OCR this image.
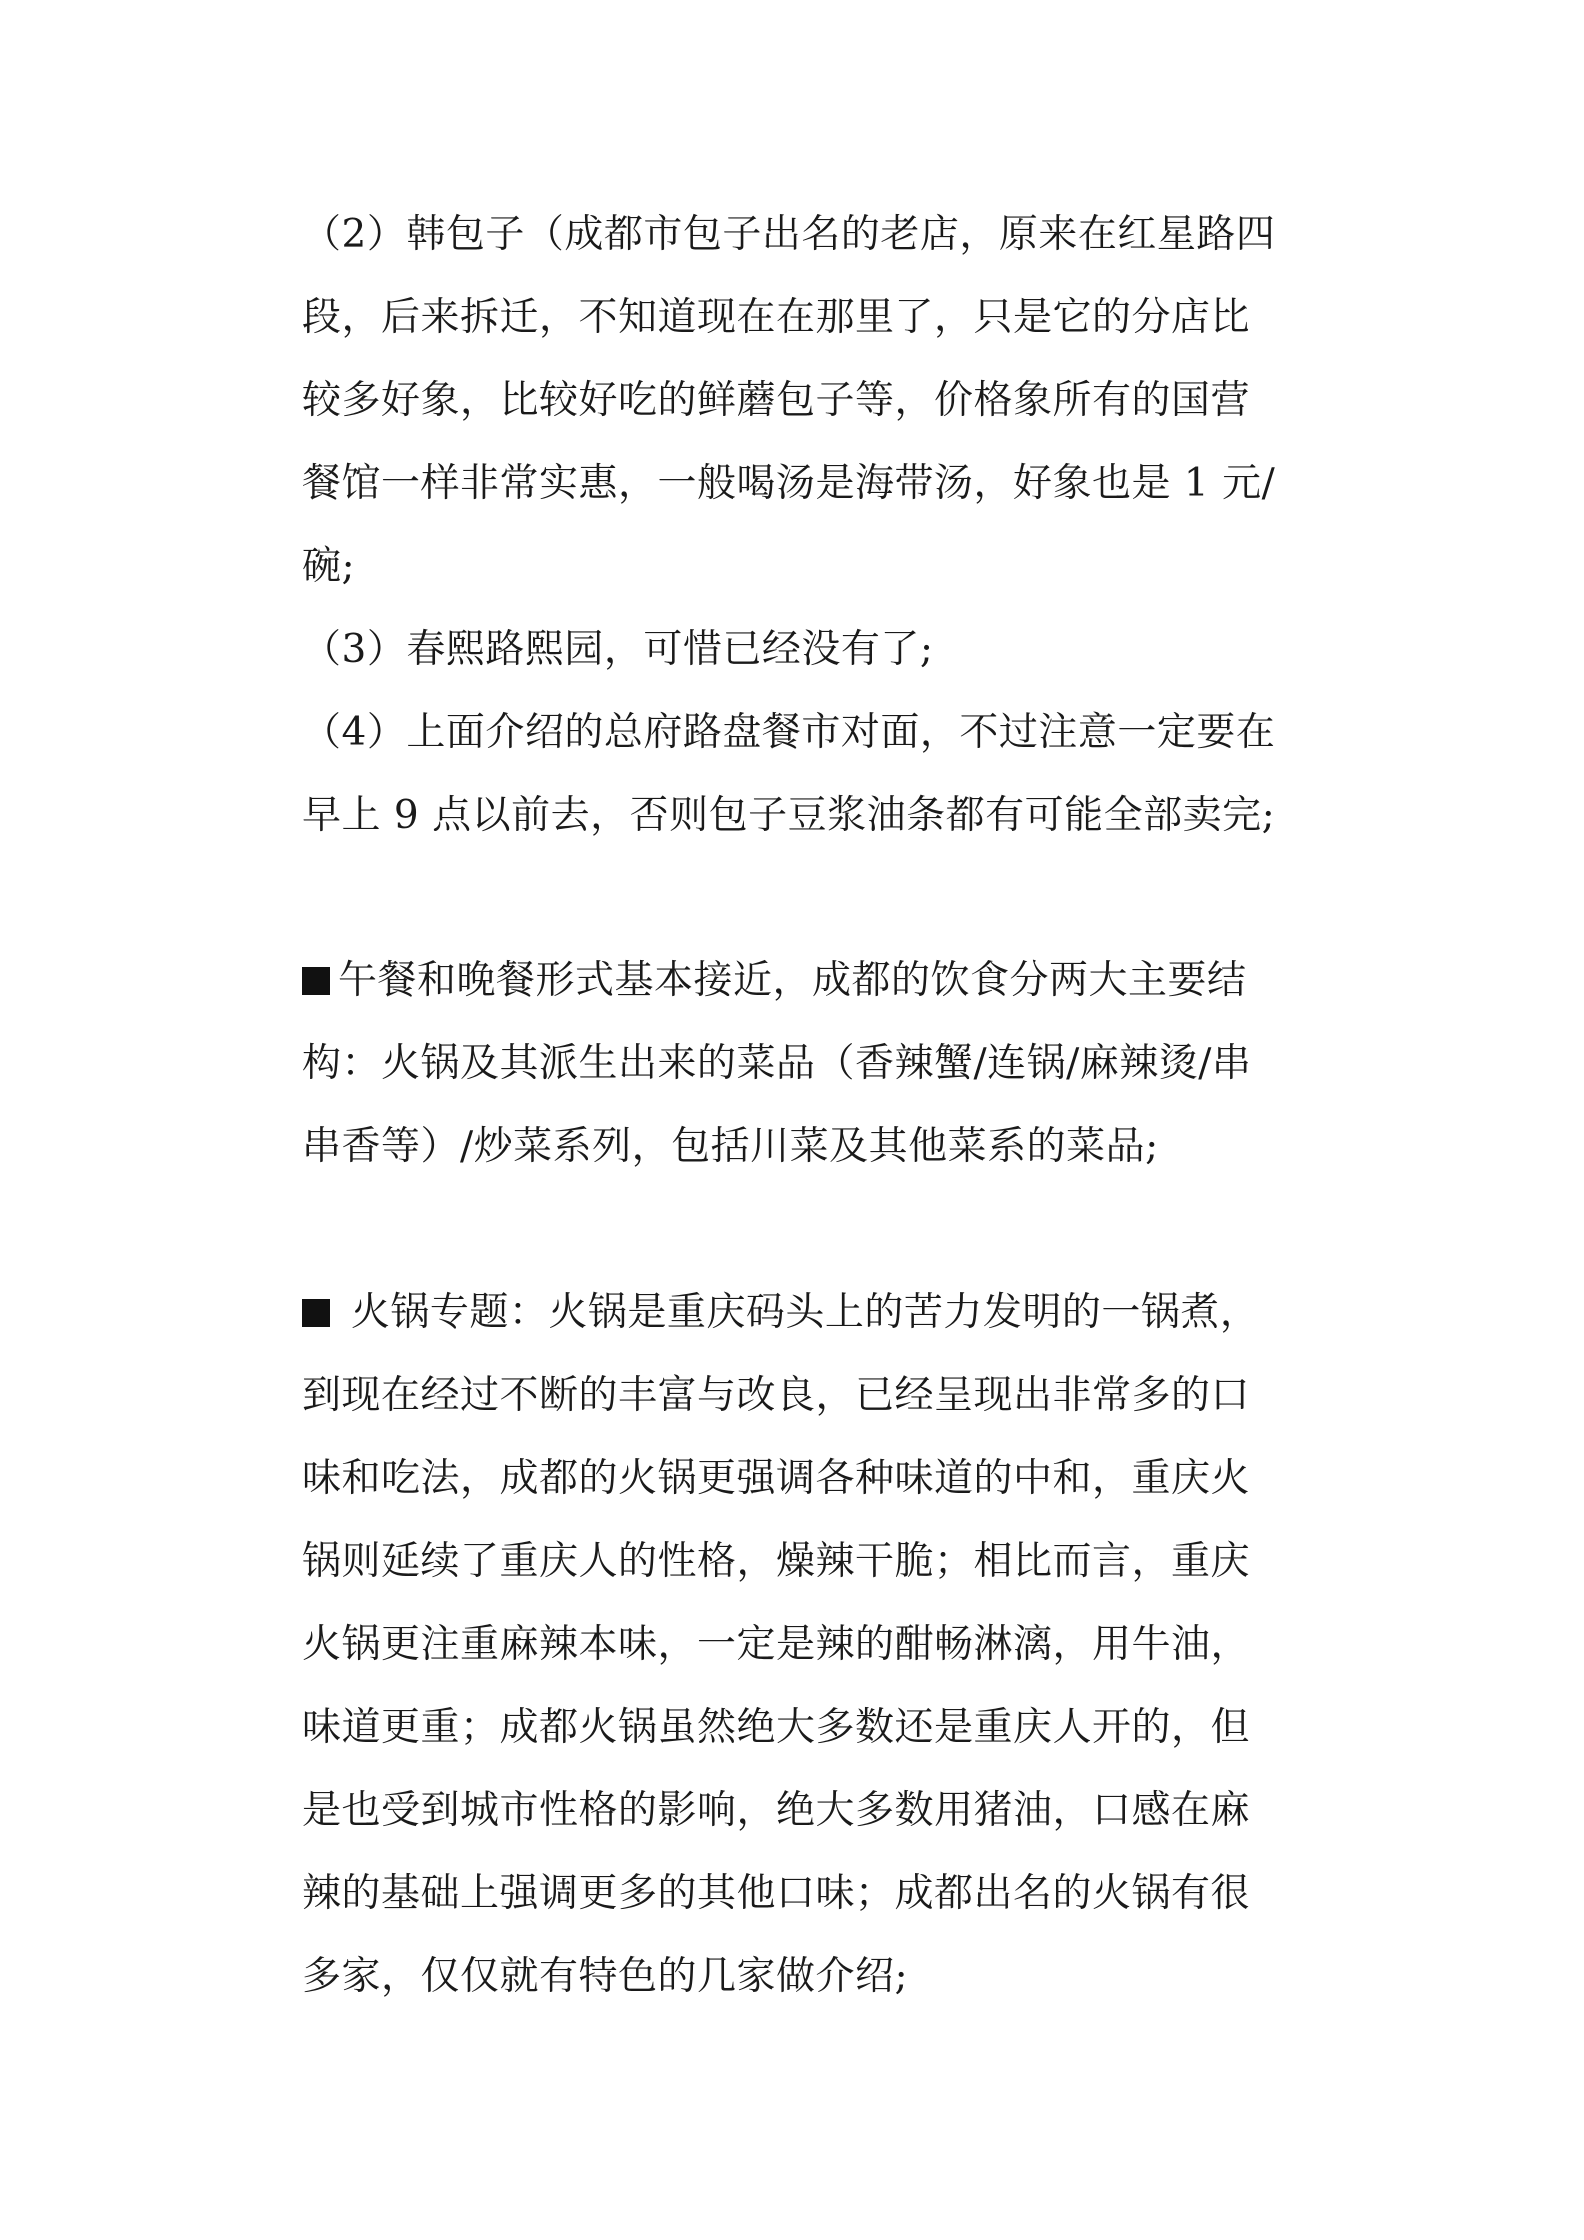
（2）韩包子（成都市包子出名的老店，原来在红星路四
段，后来拆迁，不知道现在在那里了，只是它的分店比
较多好象，比较好吃的鲜蘑包子等，价格象所有的国营
餐馆一样非常实惠，一般喝汤是海带汤，好象也是 1 元/
碗;
（3）春熙路熙园，可惜已经没有了;
（4）上面介绍的总府路盘餐市对面，不过注意一定要在
早上 9 点以前去，否则包子豆浆油条都有可能全部卖完;
午餐和晚餐形式基本接近，成都的饮食分两大主要结
构：火锅及其派生出来的菜品（香辣蟹/连锅/麻辣烫/串
串香等）/炒菜系列，包括川菜及其他菜系的菜品;
火锅专题：火锅是重庆码头上的苦力发明的一锅煮，
到现在经过不断的丰富与改良，已经呈现出非常多的口
味和吃法，成都的火锅更强调各种味道的中和，重庆火
锅则延续了重庆人的性格，燥辣干脆；相比而言，重庆
火锅更注重麻辣本味，一定是辣的酣畅淋漓，用牛油，
味道更重；成都火锅虽然绝大多数还是重庆人开的，但
是也受到城市性格的影响，绝大多数用猪油，口感在麻
辣的基础上强调更多的其他口味；成都出名的火锅有很
多家，仅仅就有特色的几家做介绍;
